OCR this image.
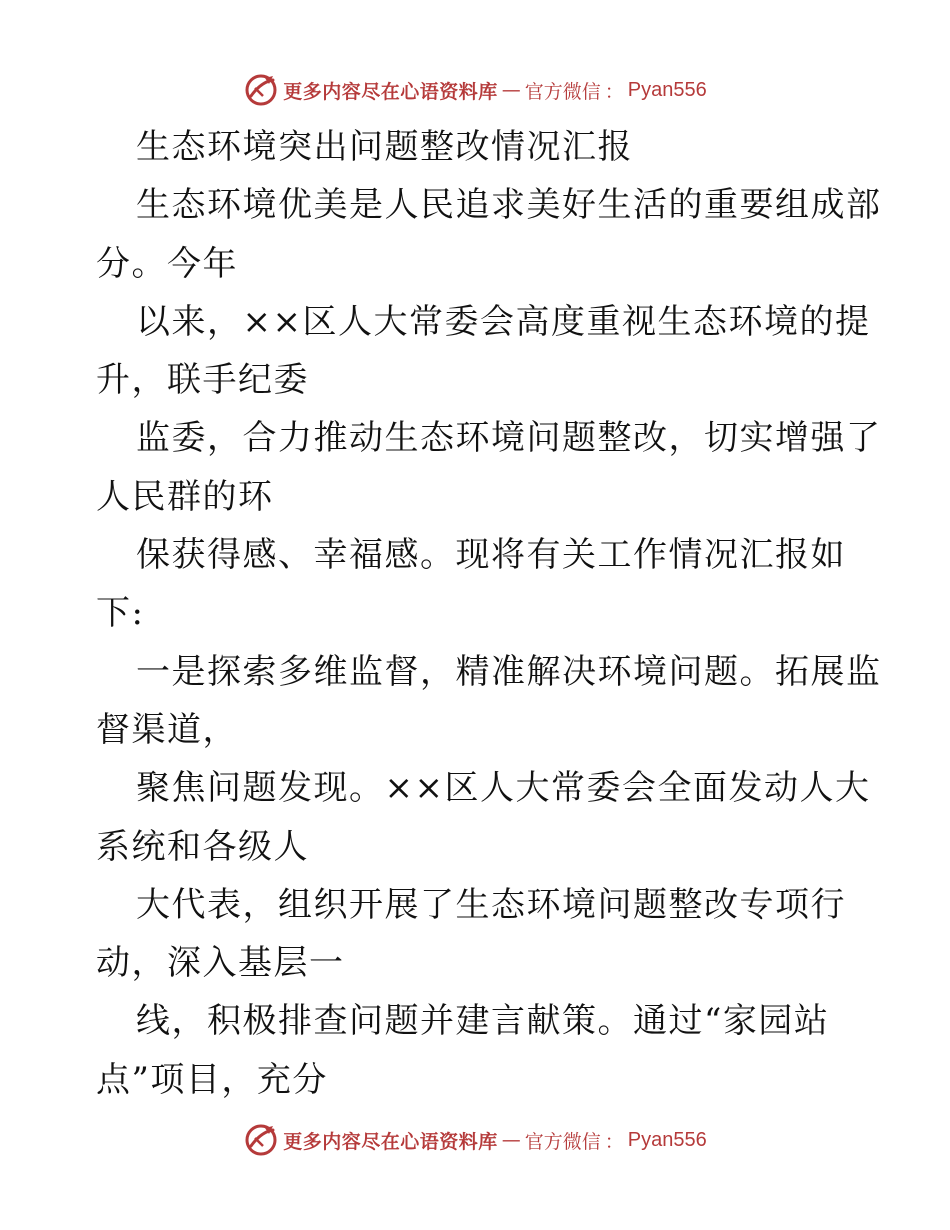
更多内容尽在心语资料库 — 官方微信 ： Pyan556
生态环境突出问题整改情况汇报
生态环境优美是人民追求美好生活的重要组成部
分。今年
以来，××区人大常委会高度重视生态环境的提
升，联手纪委
监委，合力推动生态环境问题整改，切实增强了
人民群的环
保获得感、幸福感。现将有关工作情况汇报如
下:
一是探索多维监督，精准解决环境问题。拓展监
督渠道，
聚焦问题发现。××区人大常委会全面发动人大
系统和各级人
大代表，组织开展了生态环境问题整改专项行
动，深入基层一
线，积极排查问题并建言献策。通过“家园站
点”项目，充分
更多内容尽在心语资料库 — 官方微信 ： Pyan556
